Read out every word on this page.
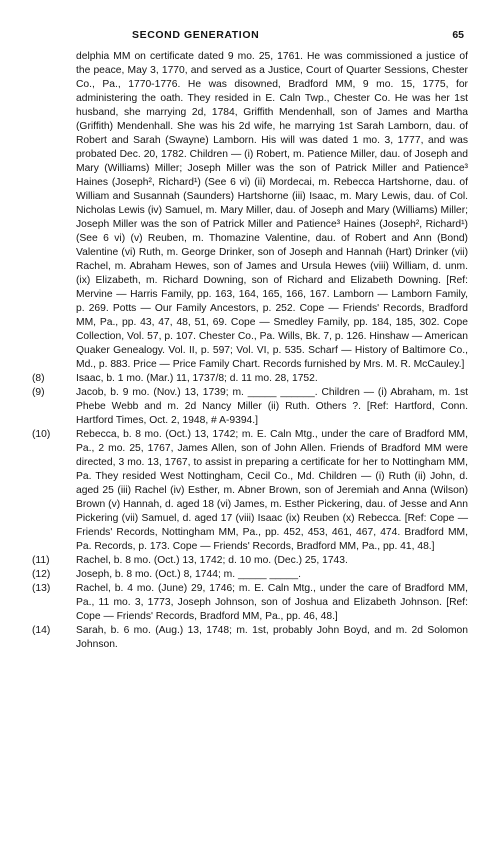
SECOND GENERATION	65

delphia MM on certificate dated 9 mo. 25, 1761. He was commissioned a justice of the peace, May 3, 1770, and served as a Justice, Court of Quarter Sessions, Chester Co., Pa., 1770-1776. He was disowned, Bradford MM, 9 mo. 15, 1775, for administering the oath. They resided in E. Caln Twp., Chester Co. He was her 1st husband, she marrying 2d, 1784, Griffith Mendenhall, son of James and Martha (Griffith) Mendenhall. She was his 2d wife, he marrying 1st Sarah Lamborn, dau. of Robert and Sarah (Swayne) Lamborn. His will was dated 1 mo. 3, 1777, and was probated Dec. 20, 1782. Children — (i) Robert, m. Patience Miller, dau. of Joseph and Mary (Williams) Miller; Joseph Miller was the son of Patrick Miller and Patience³ Haines (Joseph², Richard¹) (See 6 vi) (ii) Mordecai, m. Rebecca Hartshorne, dau. of William and Susannah (Saunders) Hartshorne (iii) Isaac, m. Mary Lewis, dau. of Col. Nicholas Lewis (iv) Samuel, m. Mary Miller, dau. of Joseph and Mary (Williams) Miller; Joseph Miller was the son of Patrick Miller and Patience³ Haines (Joseph², Richard¹) (See 6 vi) (v) Reuben, m. Thomazine Valentine, dau. of Robert and Ann (Bond) Valentine (vi) Ruth, m. George Drinker, son of Joseph and Hannah (Hart) Drinker (vii) Rachel, m. Abraham Hewes, son of James and Ursula Hewes (viii) William, d. unm. (ix) Elizabeth, m. Richard Downing, son of Richard and Elizabeth Downing. [Ref: Mervine — Harris Family, pp. 163, 164, 165, 166, 167. Lamborn — Lamborn Family, p. 269. Potts — Our Family Ancestors, p. 252. Cope — Friends' Records, Bradford MM, Pa., pp. 43, 47, 48, 51, 69. Cope — Smedley Family, pp. 184, 185, 302. Cope Collection, Vol. 57, p. 107. Chester Co., Pa. Wills, Bk. 7, p. 126. Hinshaw — American Quaker Genealogy. Vol. II, p. 597; Vol. VI, p. 535. Scharf — History of Baltimore Co., Md., p. 883. Price — Price Family Chart. Records furnished by Mrs. M. R. McCauley.]

(8)	Isaac, b. 1 mo. (Mar.) 11, 1737/8; d. 11 mo. 28, 1752.
(9)	Jacob, b. 9 mo. (Nov.) 13, 1739; m. _____ ______. Children — (i) Abraham, m. 1st Phebe Webb and m. 2d Nancy Miller (ii) Ruth. Others ?. [Ref: Hartford, Conn. Hartford Times, Oct. 2, 1948, # A-9394.]
(10)	Rebecca, b. 8 mo. (Oct.) 13, 1742; m. E. Caln Mtg., under the care of Bradford MM, Pa., 2 mo. 25, 1767, James Allen, son of John Allen. Friends of Bradford MM were directed, 3 mo. 13, 1767, to assist in preparing a certificate for her to Nottingham MM, Pa. They resided West Nottingham, Cecil Co., Md. Children — (i) Ruth (ii) John, d. aged 25 (iii) Rachel (iv) Esther, m. Abner Brown, son of Jeremiah and Anna (Wilson) Brown (v) Hannah, d. aged 18 (vi) James, m. Esther Pickering, dau. of Jesse and Ann Pickering (vii) Samuel, d. aged 17 (viii) Isaac (ix) Reuben (x) Rebecca. [Ref: Cope — Friends' Records, Nottingham MM, Pa., pp. 452, 453, 461, 467, 474. Bradford MM, Pa. Records, p. 173. Cope — Friends' Records, Bradford MM, Pa., pp. 41, 48.]
(11)	Rachel, b. 8 mo. (Oct.) 13, 1742; d. 10 mo. (Dec.) 25, 1743.
(12)	Joseph, b. 8 mo. (Oct.) 8, 1744; m. _____ _____.
(13)	Rachel, b. 4 mo. (June) 29, 1746; m. E. Caln Mtg., under the care of Bradford MM, Pa., 11 mo. 3, 1773, Joseph Johnson, son of Joshua and Elizabeth Johnson. [Ref: Cope — Friends' Records, Bradford MM, Pa., pp. 46, 48.]
(14)	Sarah, b. 6 mo. (Aug.) 13, 1748; m. 1st, probably John Boyd, and m. 2d Solomon Johnson.
